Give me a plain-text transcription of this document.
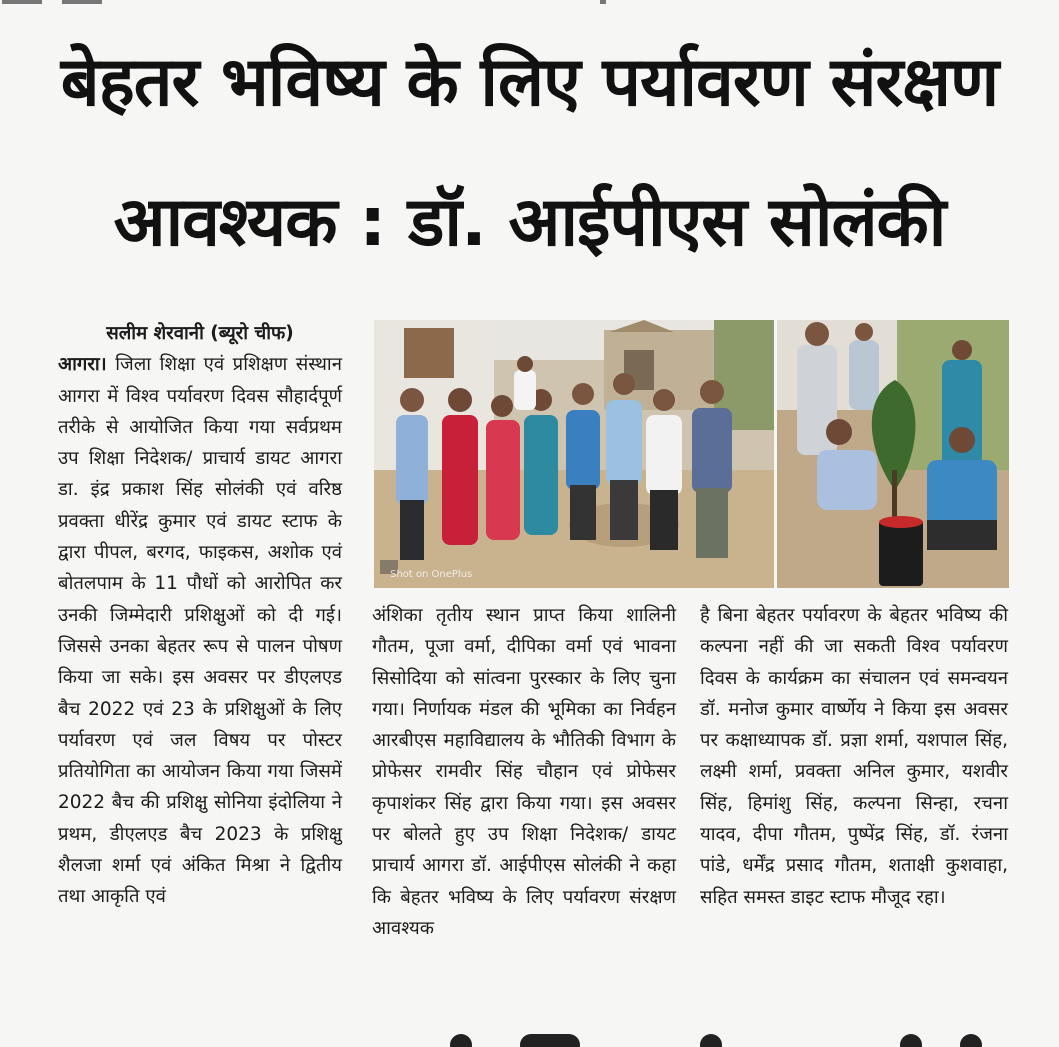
बेहतर भविष्य के लिए पर्यावरण संरक्षण
आवश्यक : डॉ. आईपीएस सोलंकी

सलीम शेरवानी (ब्यूरो चीफ)
आगरा। जिला शिक्षा एवं प्रशिक्षण संस्थान आगरा में विश्व पर्यावरण दिवस सौहार्दपूर्ण तरीके से आयोजित किया गया सर्वप्रथम उप शिक्षा निदेशक/ प्राचार्य डायट आगरा डा. इंद्र प्रकाश सिंह सोलंकी एवं वरिष्ठ प्रवक्ता धीरेंद्र कुमार एवं डायट स्टाफ के द्वारा पीपल, बरगद, फाइकस, अशोक एवं बोतलपाम के 11 पौधों को आरोपित कर उनकी जिम्मेदारी प्रशिक्षुओं को दी गई। जिससे उनका बेहतर रूप से पालन पोषण किया जा सके। इस अवसर पर डीएलएड बैच 2022 एवं 23 के प्रशिक्षुओं के लिए पर्यावरण एवं जल विषय पर पोस्टर प्रतियोगिता का आयोजन किया गया जिसमें 2022 बैच की प्रशिक्षु सोनिया इंदोलिया ने प्रथम, डीएलएड बैच 2023 के प्रशिक्षु शैलजा शर्मा एवं अंकित मिश्रा ने द्वितीय तथा आकृति एवं

Shot on OnePlus

अंशिका तृतीय स्थान प्राप्त किया शालिनी गौतम, पूजा वर्मा, दीपिका वर्मा एवं भावना सिसोदिया को सांत्वना पुरस्कार के लिए चुना गया। निर्णायक मंडल की भूमिका का निर्वहन आरबीएस महाविद्यालय के भौतिकी विभाग के प्रोफेसर रामवीर सिंह चौहान एवं प्रोफेसर कृपाशंकर सिंह द्वारा किया गया। इस अवसर पर बोलते हुए उप शिक्षा निदेशक/ डायट प्राचार्य आगरा डॉ. आईपीएस सोलंकी ने कहा कि बेहतर भविष्य के लिए पर्यावरण संरक्षण आवश्यक

है बिना बेहतर पर्यावरण के बेहतर भविष्य की कल्पना नहीं की जा सकती विश्व पर्यावरण दिवस के कार्यक्रम का संचालन एवं समन्वयन डॉ. मनोज कुमार वार्ष्णेय ने किया इस अवसर पर कक्षाध्यापक डॉ. प्रज्ञा शर्मा, यशपाल सिंह, लक्ष्मी शर्मा, प्रवक्ता अनिल कुमार, यशवीर सिंह, हिमांशु सिंह, कल्पना सिन्हा, रचना यादव, दीपा गौतम, पुष्पेंद्र सिंह, डॉ. रंजना पांडे, धर्मेंद्र प्रसाद गौतम, शताक्षी कुशवाहा, सहित समस्त डाइट स्टाफ मौजूद रहा।
